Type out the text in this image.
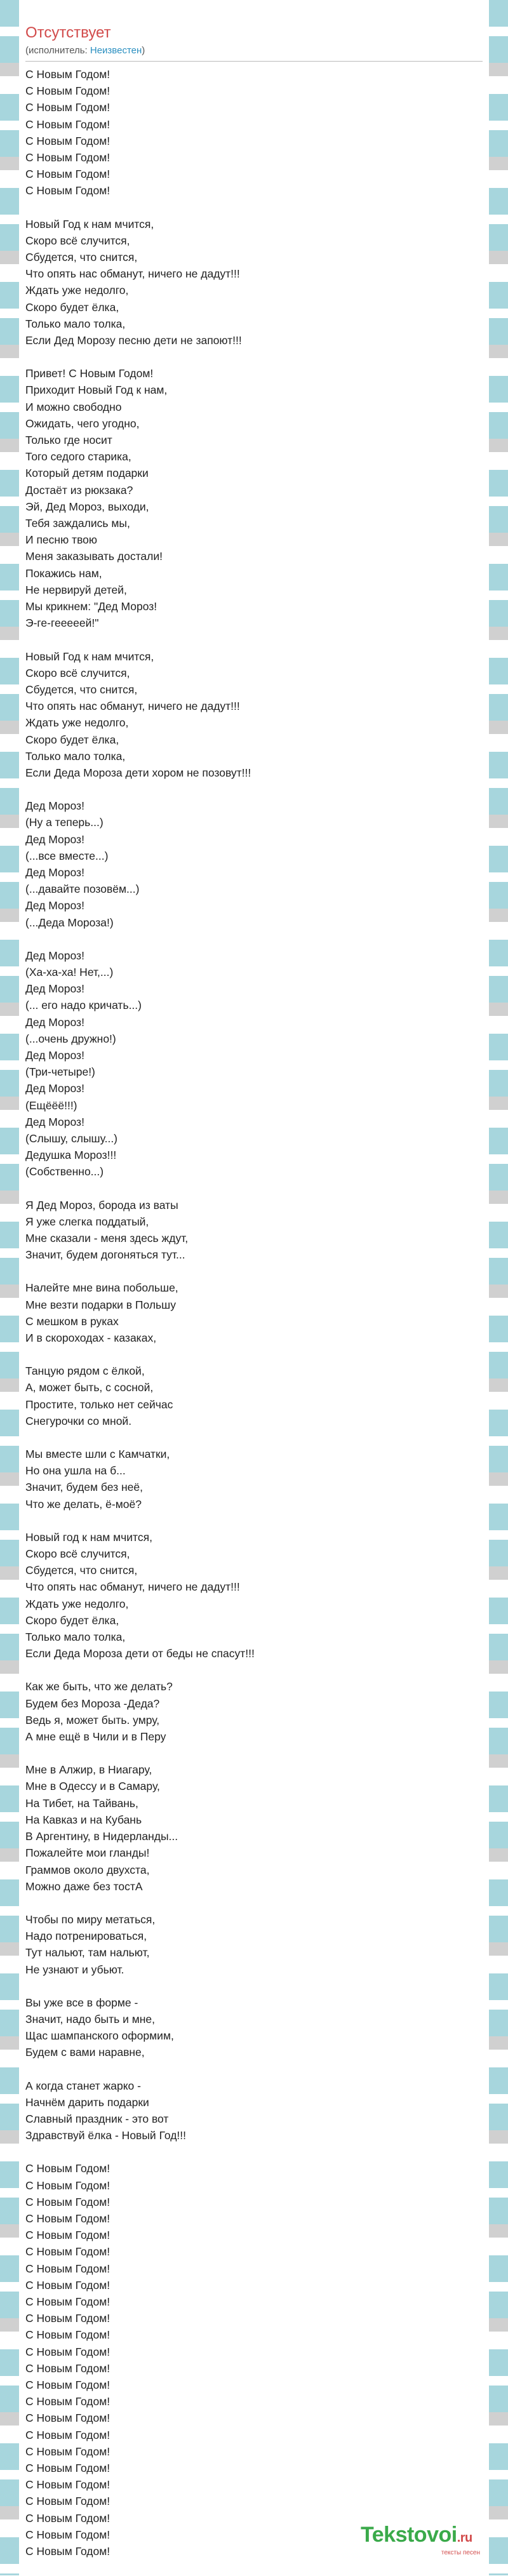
Отсутствует
(исполнитель: Неизвестен)
С Новым Годом!
С Новым Годом!
С Новым Годом!
С Новым Годом!
С Новым Годом!
С Новым Годом!
С Новым Годом!
С Новым Годом!
Новый Год к нам мчится,
Скоро всё случится,
Сбудется, что снится,
Что опять нас обманут, ничего не дадут!!!
Ждать уже недолго,
Скоро будет ёлка,
Только мало толка,
Если Дед Морозу песню дети не запоют!!!
Привет! С Новым Годом!
Приходит Новый Год к нам,
И можно свободно
Ожидать, чего угодно,
Только где носит
Того седого старика,
Который детям подарки
Достаёт из рюкзака?
Эй, Дед Мороз, выходи,
Тебя заждались мы,
И песню твою
Меня заказывать достали!
Покажись нам,
Не нервируй детей,
Мы крикнем: "Дед Мороз!
Э-ге-гееееей!"
Новый Год к нам мчится,
Скоро всё случится,
Сбудется, что снится,
Что опять нас обманут, ничего не дадут!!!
Ждать уже недолго,
Скоро будет ёлка,
Только мало толка,
Если Деда Мороза дети хором не позовут!!!
Дед Мороз!
(Ну а теперь...)
Дед Мороз!
(...все вместе...)
Дед Мороз!
(...давайте позовём...)
Дед Мороз!
(...Деда Мороза!)
Дед Мороз!
(Ха-ха-ха! Нет,...)
Дед Мороз!
(... его надо кричать...)
Дед Мороз!
(...очень дружно!)
Дед Мороз!
(Три-четыре!)
Дед Мороз!
(Ещёёё!!!)
Дед Мороз!
(Слышу, слышу...)
Дедушка Мороз!!!
(Собственно...)
Я Дед Мороз, борода из ваты
Я уже слегка поддатый,
Мне сказали - меня здесь ждут,
Значит, будем догоняться тут...
Налейте мне вина побольше,
Мне везти подарки в Польшу
С мешком в руках
И в скороходах - казаках,
Танцую рядом с ёлкой,
А, может быть, с сосной,
Простите, только нет сейчас
Снегурочки со мной.
Мы вместе шли с Камчатки,
Но она ушла на б...
Значит, будем без неё,
Что же делать, ё-моё?
Новый год к нам мчится,
Скоро всё случится,
Сбудется, что снится,
Что опять нас обманут, ничего не дадут!!!
Ждать уже недолго,
Скоро будет ёлка,
Только мало толка,
Если Деда Мороза дети от беды не спасут!!!
Как же быть, что же делать?
Будем без Мороза -Деда?
Ведь я, может быть. умру,
А мне ещё в Чили и в Перу
Мне в Алжир, в Ниагару,
Мне в Одессу и в Самару,
На Тибет, на Тайвань,
На Кавказ и на Кубань
В Аргентину, в Нидерланды...
Пожалейте мои гланды!
Граммов около двухста,
Можно даже без тостА
Чтобы по миру метаться,
Надо потренироваться,
Тут нальют, там нальют,
Не узнают и убьют.
Вы уже все в форме -
Значит, надо быть и мне,
Щас шампанского оформим,
Будем с вами наравне,
А когда станет жарко -
Начнём дарить подарки
Славный праздник - это вот
Здравствуй ёлка - Новый Год!!!
С Новым Годом!
С Новым Годом!
С Новым Годом!
С Новым Годом!
С Новым Годом!
С Новым Годом!
С Новым Годом!
С Новым Годом!
С Новым Годом!
С Новым Годом!
С Новым Годом!
С Новым Годом!
С Новым Годом!
С Новым Годом!
С Новым Годом!
С Новым Годом!
С Новым Годом!
С Новым Годом!
С Новым Годом!
С Новым Годом!
С Новым Годом!
С Новым Годом!
С Новым Годом!
С Новым Годом!
Tekstovoi.ru
тексты песен
